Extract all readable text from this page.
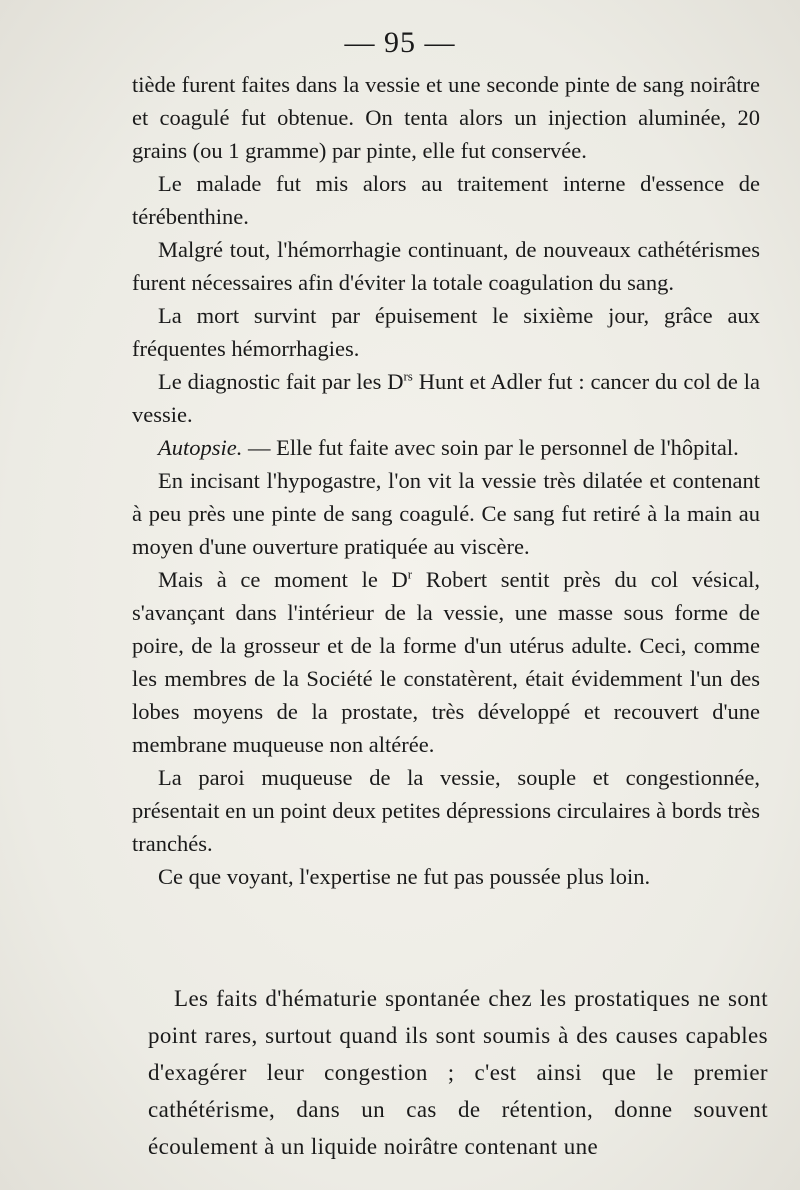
— 95 —

tiède furent faites dans la vessie et une seconde pinte de sang noirâtre et coagulé fut obtenue. On tenta alors un injection aluminée, 20 grains (ou 1 gramme) par pinte, elle fut conservée.

Le malade fut mis alors au traitement interne d'essence de térébenthine.

Malgré tout, l'hémorrhagie continuant, de nouveaux cathétérismes furent nécessaires afin d'éviter la totale coagulation du sang.

La mort survint par épuisement le sixième jour, grâce aux fréquentes hémorrhagies.

Le diagnostic fait par les $D^{rs}$ Hunt et Adler fut : cancer du col de la vessie.

Autopsie. — Elle fut faite avec soin par le personnel de l'hôpital.

En incisant l'hypogastre, l'on vit la vessie très dilatée et contenant à peu près une pinte de sang coagulé. Ce sang fut retiré à la main au moyen d'une ouverture pratiquée au viscère.

Mais à ce moment le $D^r$ Robert sentit près du col vésical, s'avançant dans l'intérieur de la vessie, une masse sous forme de poire, de la grosseur et de la forme d'un utérus adulte. Ceci, comme les membres de la Société le constatèrent, était évidemment l'un des lobes moyens de la prostate, très développé et recouvert d'une membrane muqueuse non altérée.

La paroi muqueuse de la vessie, souple et congestionnée, présentait en un point deux petites dépressions circulaires à bords très tranchés.

Ce que voyant, l'expertise ne fut pas poussée plus loin.

Les faits d'hématurie spontanée chez les prostatiques ne sont point rares, surtout quand ils sont soumis à des causes capables d'exagérer leur congestion ; c'est ainsi que le premier cathétérisme, dans un cas de rétention, donne souvent écoulement à un liquide noirâtre contenant une
